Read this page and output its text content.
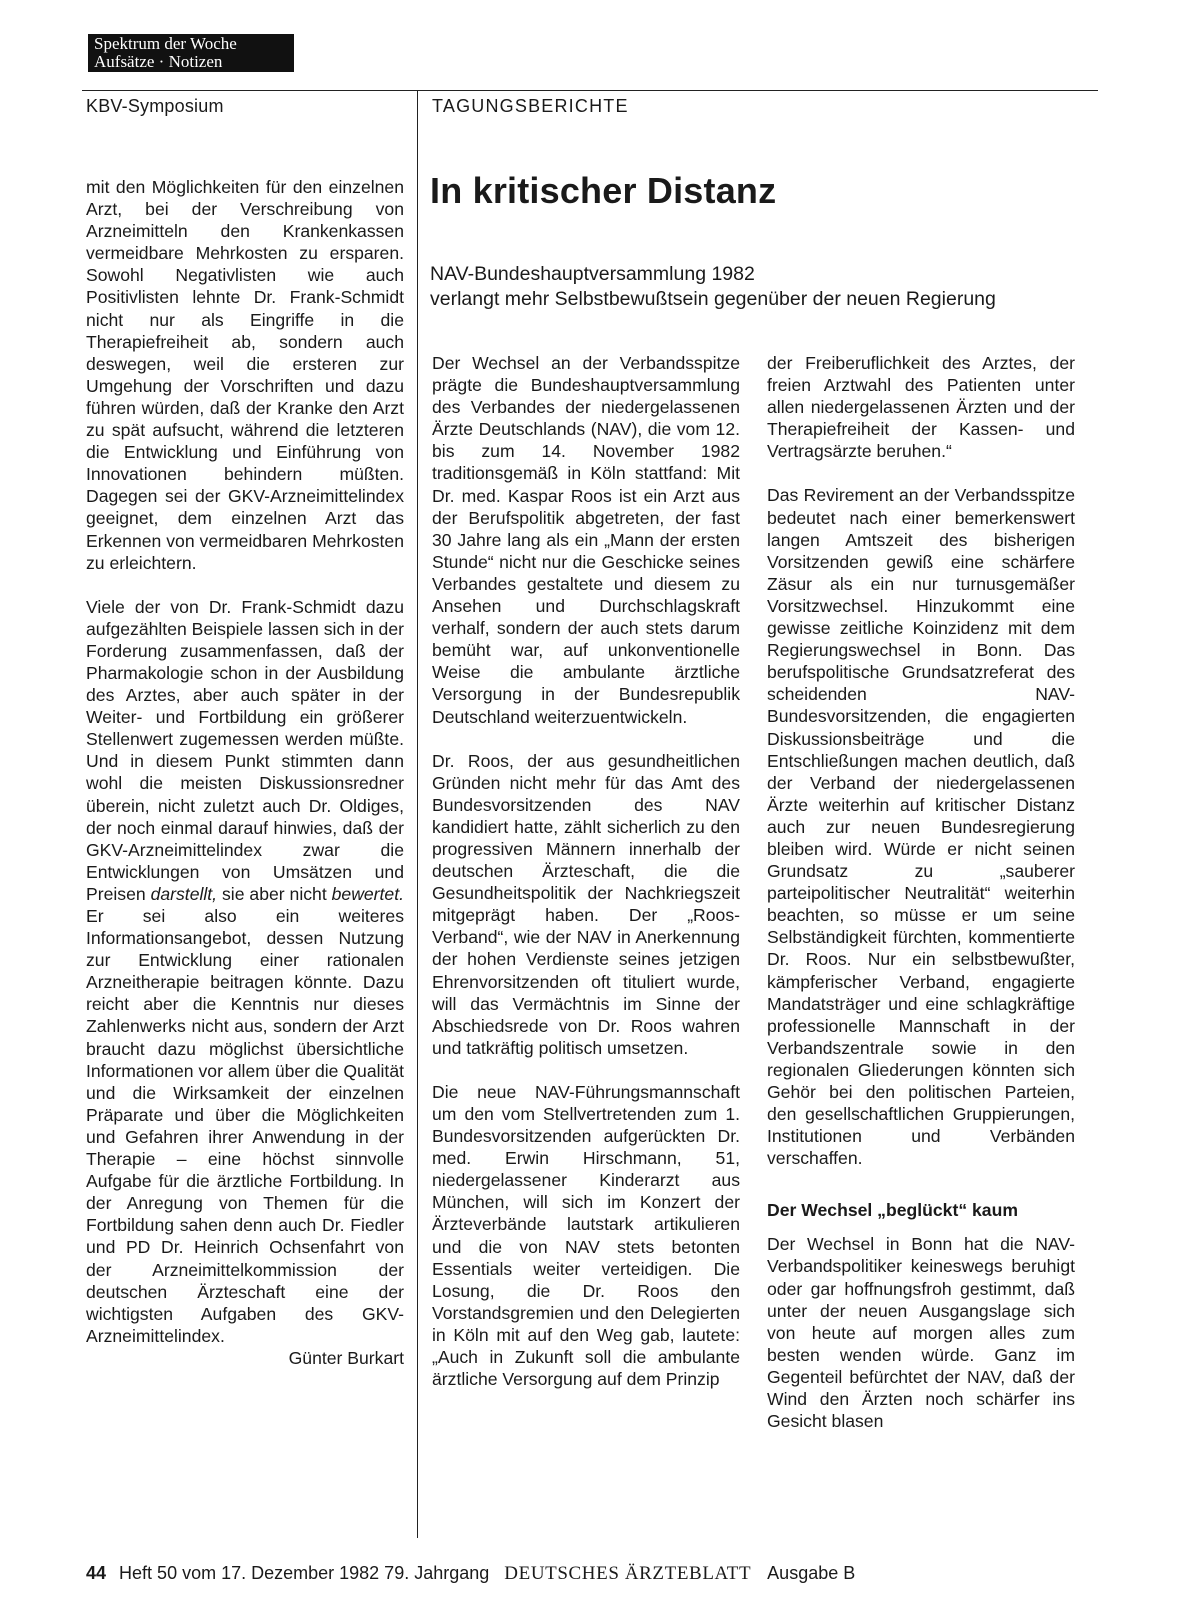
Spektrum der Woche
Aufsätze · Notizen
KBV-Symposium	TAGUNGSBERICHTE
In kritischer Distanz
NAV-Bundeshauptversammlung 1982
verlangt mehr Selbstbewußtsein gegenüber der neuen Regierung

mit den Möglichkeiten für den einzelnen Arzt, bei der Verschreibung von Arzneimitteln den Krankenkassen vermeidbare Mehrkosten zu ersparen. Sowohl Negativlisten wie auch Positivlisten lehnte Dr. Frank-Schmidt nicht nur als Eingriffe in die Therapiefreiheit ab, sondern auch deswegen, weil die ersteren zur Umgehung der Vorschriften und dazu führen würden, daß der Kranke den Arzt zu spät aufsucht, während die letzteren die Entwicklung und Einführung von Innovationen behindern müßten. Dagegen sei der GKV-Arzneimittelindex geeignet, dem einzelnen Arzt das Erkennen von vermeidbaren Mehrkosten zu erleichtern.

Viele der von Dr. Frank-Schmidt dazu aufgezählten Beispiele lassen sich in der Forderung zusammenfassen, daß der Pharmakologie schon in der Ausbildung des Arztes, aber auch später in der Weiter- und Fortbildung ein größerer Stellenwert zugemessen werden müßte. Und in diesem Punkt stimmten dann wohl die meisten Diskussionsredner überein, nicht zuletzt auch Dr. Oldiges, der noch einmal darauf hinwies, daß der GKV-Arzneimittelindex zwar die Entwicklungen von Umsätzen und Preisen darstellt, sie aber nicht bewertet. Er sei also ein weiteres Informationsangebot, dessen Nutzung zur Entwicklung einer rationalen Arzneitherapie beitragen könnte. Dazu reicht aber die Kenntnis nur dieses Zahlenwerks nicht aus, sondern der Arzt braucht dazu möglichst übersichtliche Informationen vor allem über die Qualität und die Wirksamkeit der einzelnen Präparate und über die Möglichkeiten und Gefahren ihrer Anwendung in der Therapie – eine höchst sinnvolle Aufgabe für die ärztliche Fortbildung. In der Anregung von Themen für die Fortbildung sahen denn auch Dr. Fiedler und PD Dr. Heinrich Ochsenfahrt von der Arzneimittelkommission der deutschen Ärzteschaft eine der wichtigsten Aufgaben des GKV-Arzneimittelindex.

Günter Burkart

Der Wechsel an der Verbandsspitze prägte die Bundeshauptversammlung des Verbandes der niedergelassenen Ärzte Deutschlands (NAV), die vom 12. bis zum 14. November 1982 traditionsgemäß in Köln stattfand: Mit Dr. med. Kaspar Roos ist ein Arzt aus der Berufspolitik abgetreten, der fast 30 Jahre lang als ein „Mann der ersten Stunde“ nicht nur die Geschicke seines Verbandes gestaltete und diesem zu Ansehen und Durchschlagskraft verhalf, sondern der auch stets darum bemüht war, auf unkonventionelle Weise die ambulante ärztliche Versorgung in der Bundesrepublik Deutschland weiterzuentwickeln.

Dr. Roos, der aus gesundheitlichen Gründen nicht mehr für das Amt des Bundesvorsitzenden des NAV kandidiert hatte, zählt sicherlich zu den progressiven Männern innerhalb der deutschen Ärzteschaft, die die Gesundheitspolitik der Nachkriegszeit mitgeprägt haben. Der „Roos-Verband“, wie der NAV in Anerkennung der hohen Verdienste seines jetzigen Ehrenvorsitzenden oft tituliert wurde, will das Vermächtnis im Sinne der Abschiedsrede von Dr. Roos wahren und tatkräftig politisch umsetzen.

Die neue NAV-Führungsmannschaft um den vom Stellvertretenden zum 1. Bundesvorsitzenden aufgerückten Dr. med. Erwin Hirschmann, 51, niedergelassener Kinderarzt aus München, will sich im Konzert der Ärzteverbände lautstark artikulieren und die von NAV stets betonten Essentials weiter verteidigen. Die Losung, die Dr. Roos den Vorstandsgremien und den Delegierten in Köln mit auf den Weg gab, lautete: „Auch in Zukunft soll die ambulante ärztliche Versorgung auf dem Prinzip

der Freiberuflichkeit des Arztes, der freien Arztwahl des Patienten unter allen niedergelassenen Ärzten und der Therapiefreiheit der Kassen- und Vertragsärzte beruhen.“

Das Revirement an der Verbandsspitze bedeutet nach einer bemerkenswert langen Amtszeit des bisherigen Vorsitzenden gewiß eine schärfere Zäsur als ein nur turnusgemäßer Vorsitzwechsel. Hinzukommt eine gewisse zeitliche Koinzidenz mit dem Regierungswechsel in Bonn. Das berufspolitische Grundsatzreferat des scheidenden NAV-Bundesvorsitzenden, die engagierten Diskussionsbeiträge und die Entschließungen machen deutlich, daß der Verband der niedergelassenen Ärzte weiterhin auf kritischer Distanz auch zur neuen Bundesregierung bleiben wird. Würde er nicht seinen Grundsatz zu „sauberer parteipolitischer Neutralität“ weiterhin beachten, so müsse er um seine Selbständigkeit fürchten, kommentierte Dr. Roos. Nur ein selbstbewußter, kämpferischer Verband, engagierte Mandatsträger und eine schlagkräftige professionelle Mannschaft in der Verbandszentrale sowie in den regionalen Gliederungen könnten sich Gehör bei den politischen Parteien, den gesellschaftlichen Gruppierungen, Institutionen und Verbänden verschaffen.

Der Wechsel „beglückt“ kaum

Der Wechsel in Bonn hat die NAV-Verbandspolitiker keineswegs beruhigt oder gar hoffnungsfroh gestimmt, daß unter der neuen Ausgangslage sich von heute auf morgen alles zum besten wenden würde. Ganz im Gegenteil befürchtet der NAV, daß der Wind den Ärzten noch schärfer ins Gesicht blasen

44 Heft 50 vom 17. Dezember 1982 79. Jahrgang DEUTSCHES ÄRZTEBLATT Ausgabe B
